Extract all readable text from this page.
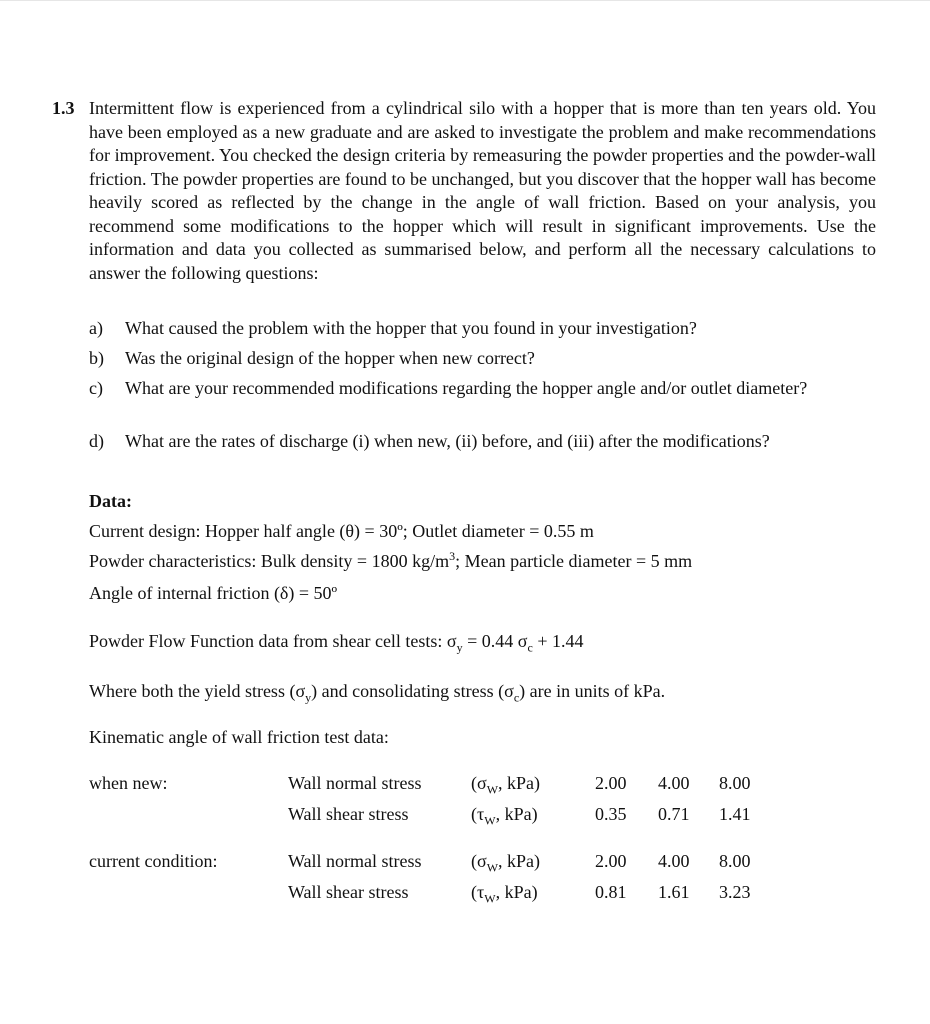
1.3 Intermittent flow is experienced from a cylindrical silo with a hopper that is more than ten years old. You have been employed as a new graduate and are asked to investigate the problem and make recommendations for improvement. You checked the design criteria by remeasuring the powder properties and the powder-wall friction. The powder properties are found to be unchanged, but you discover that the hopper wall has become heavily scored as reflected by the change in the angle of wall friction. Based on your analysis, you recommend some modifications to the hopper which will result in significant improvements. Use the information and data you collected as summarised below, and perform all the necessary calculations to answer the following questions:
a) What caused the problem with the hopper that you found in your investigation?
b) Was the original design of the hopper when new correct?
c) What are your recommended modifications regarding the hopper angle and/or outlet diameter?
d) What are the rates of discharge (i) when new, (ii) before, and (iii) after the modifications?
Data:
Current design: Hopper half angle (θ) = 30º; Outlet diameter = 0.55 m
Powder characteristics: Bulk density = 1800 $kg/m^3$; Mean particle diameter = 5 mm
Angle of internal friction (δ) = 50º
Powder Flow Function data from shear cell tests: $\sigma_y = 0.44$ $\sigma_c + 1.44$
Where both the yield stress $(\sigma_y)$ and consolidating stress $(\sigma_c)$ are in units of kPa.
Kinematic angle of wall friction test data:
when new:	Wall normal stress	($\sigma_W$, kPa)	2.00 4.00 8.00
Wall shear stress	($\tau_W$, kPa)	0.35 0.71 1.41
current condition:	Wall normal stress	($\sigma_W$, kPa)	2.00 4.00 8.00
Wall shear stress	($\tau_W$, kPa)	0.81 1.61 3.23
